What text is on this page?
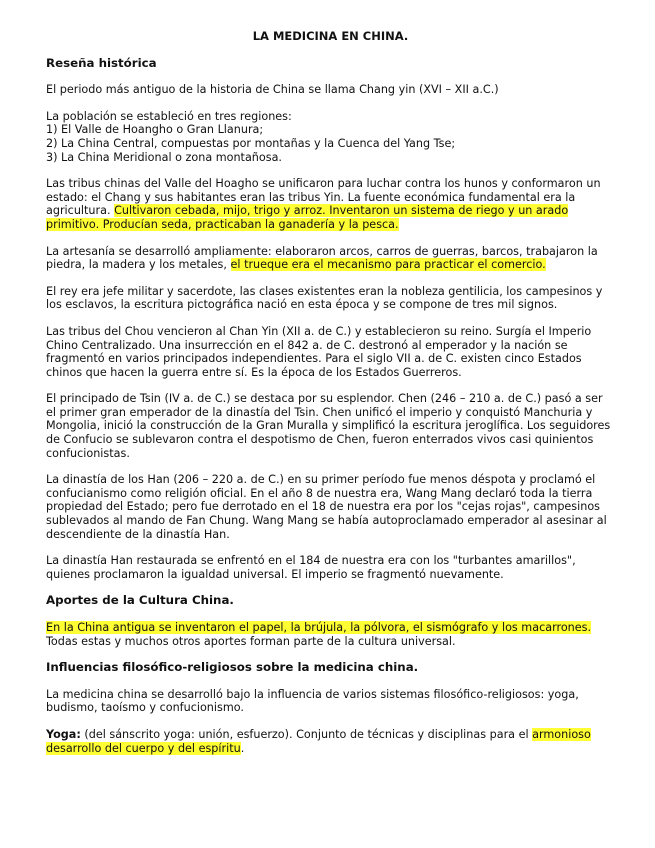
LA MEDICINA EN CHINA.
Reseña histórica

El periodo más antiguo de la historia de China se llama Chang yin (XVI – XII a.C.)

La población se estableció en tres regiones:
1) El Valle de Hoangho o Gran Llanura;
2) La China Central, compuestas por montañas y la Cuenca del Yang Tse;
3) La China Meridional o zona montañosa.

Las tribus chinas del Valle del Hoagho se unificaron para luchar contra los hunos y conformaron un estado: el Chang y sus habitantes eran las tribus Yin. La fuente económica fundamental era la agricultura. Cultivaron cebada, mijo, trigo y arroz. Inventaron un sistema de riego y un arado primitivo. Producían seda, practicaban la ganadería y la pesca.

La artesanía se desarrolló ampliamente: elaboraron arcos, carros de guerras, barcos, trabajaron la piedra, la madera y los metales, el trueque era el mecanismo para practicar el comercio.

El rey era jefe militar y sacerdote, las clases existentes eran la nobleza gentilicia, los campesinos y los esclavos, la escritura pictográfica nació en esta época y se compone de tres mil signos.

Las tribus del Chou vencieron al Chan Yin (XII a. de C.) y establecieron su reino. Surgía el Imperio Chino Centralizado. Una insurrección en el 842 a. de C. destronó al emperador y la nación se fragmentó en varios principados independientes. Para el siglo VII a. de C. existen cinco Estados chinos que hacen la guerra entre sí. Es la época de los Estados Guerreros.

El principado de Tsin (IV a. de C.) se destaca por su esplendor. Chen (246 – 210 a. de C.) pasó a ser el primer gran emperador de la dinastía del Tsin. Chen unificó el imperio y conquistó Manchuria y Mongolia, inició la construcción de la Gran Muralla y simplificó la escritura jeroglífica. Los seguidores de Confucio se sublevaron contra el despotismo de Chen, fueron enterrados vivos casi quinientos confucionistas.

La dinastía de los Han (206 – 220 a. de C.) en su primer período fue menos déspota y proclamó el confucianismo como religión oficial. En el año 8 de nuestra era, Wang Mang declaró toda la tierra propiedad del Estado; pero fue derrotado en el 18 de nuestra era por los "cejas rojas", campesinos sublevados al mando de Fan Chung. Wang Mang se había autoproclamado emperador al asesinar al descendiente de la dinastía Han.

La dinastía Han restaurada se enfrentó en el 184 de nuestra era con los "turbantes amarillos", quienes proclamaron la igualdad universal. El imperio se fragmentó nuevamente.

Aportes de la Cultura China.

En la China antigua se inventaron el papel, la brújula, la pólvora, el sismógrafo y los macarrones. Todas estas y muchos otros aportes forman parte de la cultura universal.

Influencias filosófico-religiosos sobre la medicina china.

La medicina china se desarrolló bajo la influencia de varios sistemas filosófico-religiosos: yoga, budismo, taoísmo y confucionismo.

Yoga: (del sánscrito yoga: unión, esfuerzo). Conjunto de técnicas y disciplinas para el armonioso desarrollo del cuerpo y del espíritu.
